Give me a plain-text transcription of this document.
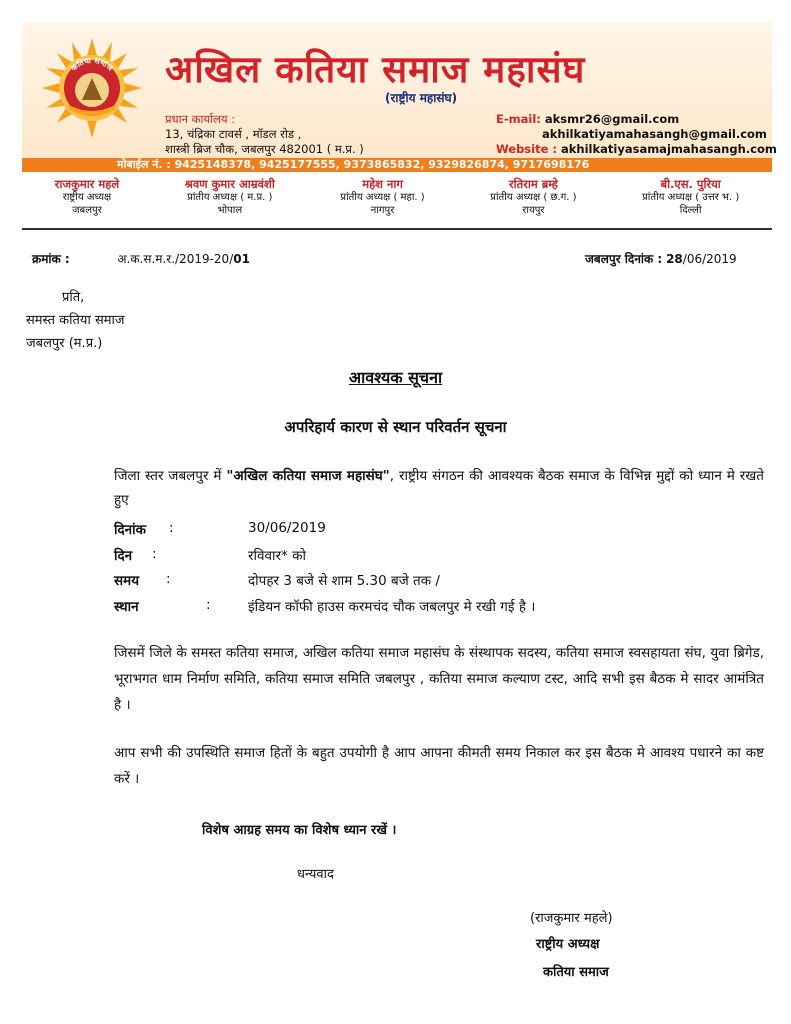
कतिया समाज अखिल कतिया समाज महासंघ
(राष्ट्रीय महासंघ)
प्रधान कार्यालय :
13, चंद्रिका टावर्स , मॉडल रोड ,
शास्त्री ब्रिज चौक, जबलपुर 482001 ( म.प्र. )
E-mail: aksmr26@gmail.com
akhilkatiyamahasangh@gmail.com
Website : akhilkatiyasamajmahasangh.com
मोबाईल नं. : 9425148378, 9425177555, 9373865832, 9329826874, 9717698176
राजकुमार महले
राष्ट्रीय अध्यक्ष
जबलपुर
श्रवण कुमार आम्रवंशी
प्रांतीय अध्यक्ष ( म.प्र. )
भोपाल
महेश नाग
प्रांतीय अध्यक्ष ( महा. )
नागपुर
रतिराम ब्रम्हे
प्रांतीय अध्यक्ष ( छ.ग. )
रायपुर
बी.एस. पुरिया
प्रांतीय अध्यक्ष ( उत्तर भ. )
दिल्ली
क्रमांक :	अ.क.स.म.र./2019-20/01	जबलपुर दिनांक : 28/06/2019
प्रति,
समस्त कतिया समाज
जबलपुर (म.प्र.)
आवश्यक सूचना
अपरिहार्य कारण से स्थान परिवर्तन सूचना
जिला स्तर जबलपुर में "अखिल कतिया समाज महासंघ", राष्ट्रीय संगठन की आवश्यक बैठक समाज के विभिन्न मुद्दों को ध्यान मे रखते हुए
दिनांक :	30/06/2019
दिन :	रविवार* को
समय :	दोपहर 3 बजे से शाम 5.30 बजे तक /
स्थान	:	इंडियन कॉफी हाउस करमचंद चौक जबलपुर मे रखी गई है ।
जिसमें जिले के समस्त कतिया समाज, अखिल कतिया समाज महासंघ के संस्थापक सदस्य, कतिया समाज स्वसहायता संघ, युवा ब्रिगेड, भूराभगत धाम निर्माण समिति, कतिया समाज समिति जबलपुर , कतिया समाज कल्याण टस्ट, आदि सभी इस बैठक मे सादर आमंत्रित है ।
आप सभी की उपस्थिति समाज हितों के बहुत उपयोगी है आप आपना कीमती समय निकाल कर इस बैठक मे आवश्य पधारने का कष्ट करें ।
विशेष आग्रह समय का विशेष ध्यान रखें ।
धन्यवाद
(राजकुमार महले)
राष्ट्रीय अध्यक्ष
कतिया समाज
